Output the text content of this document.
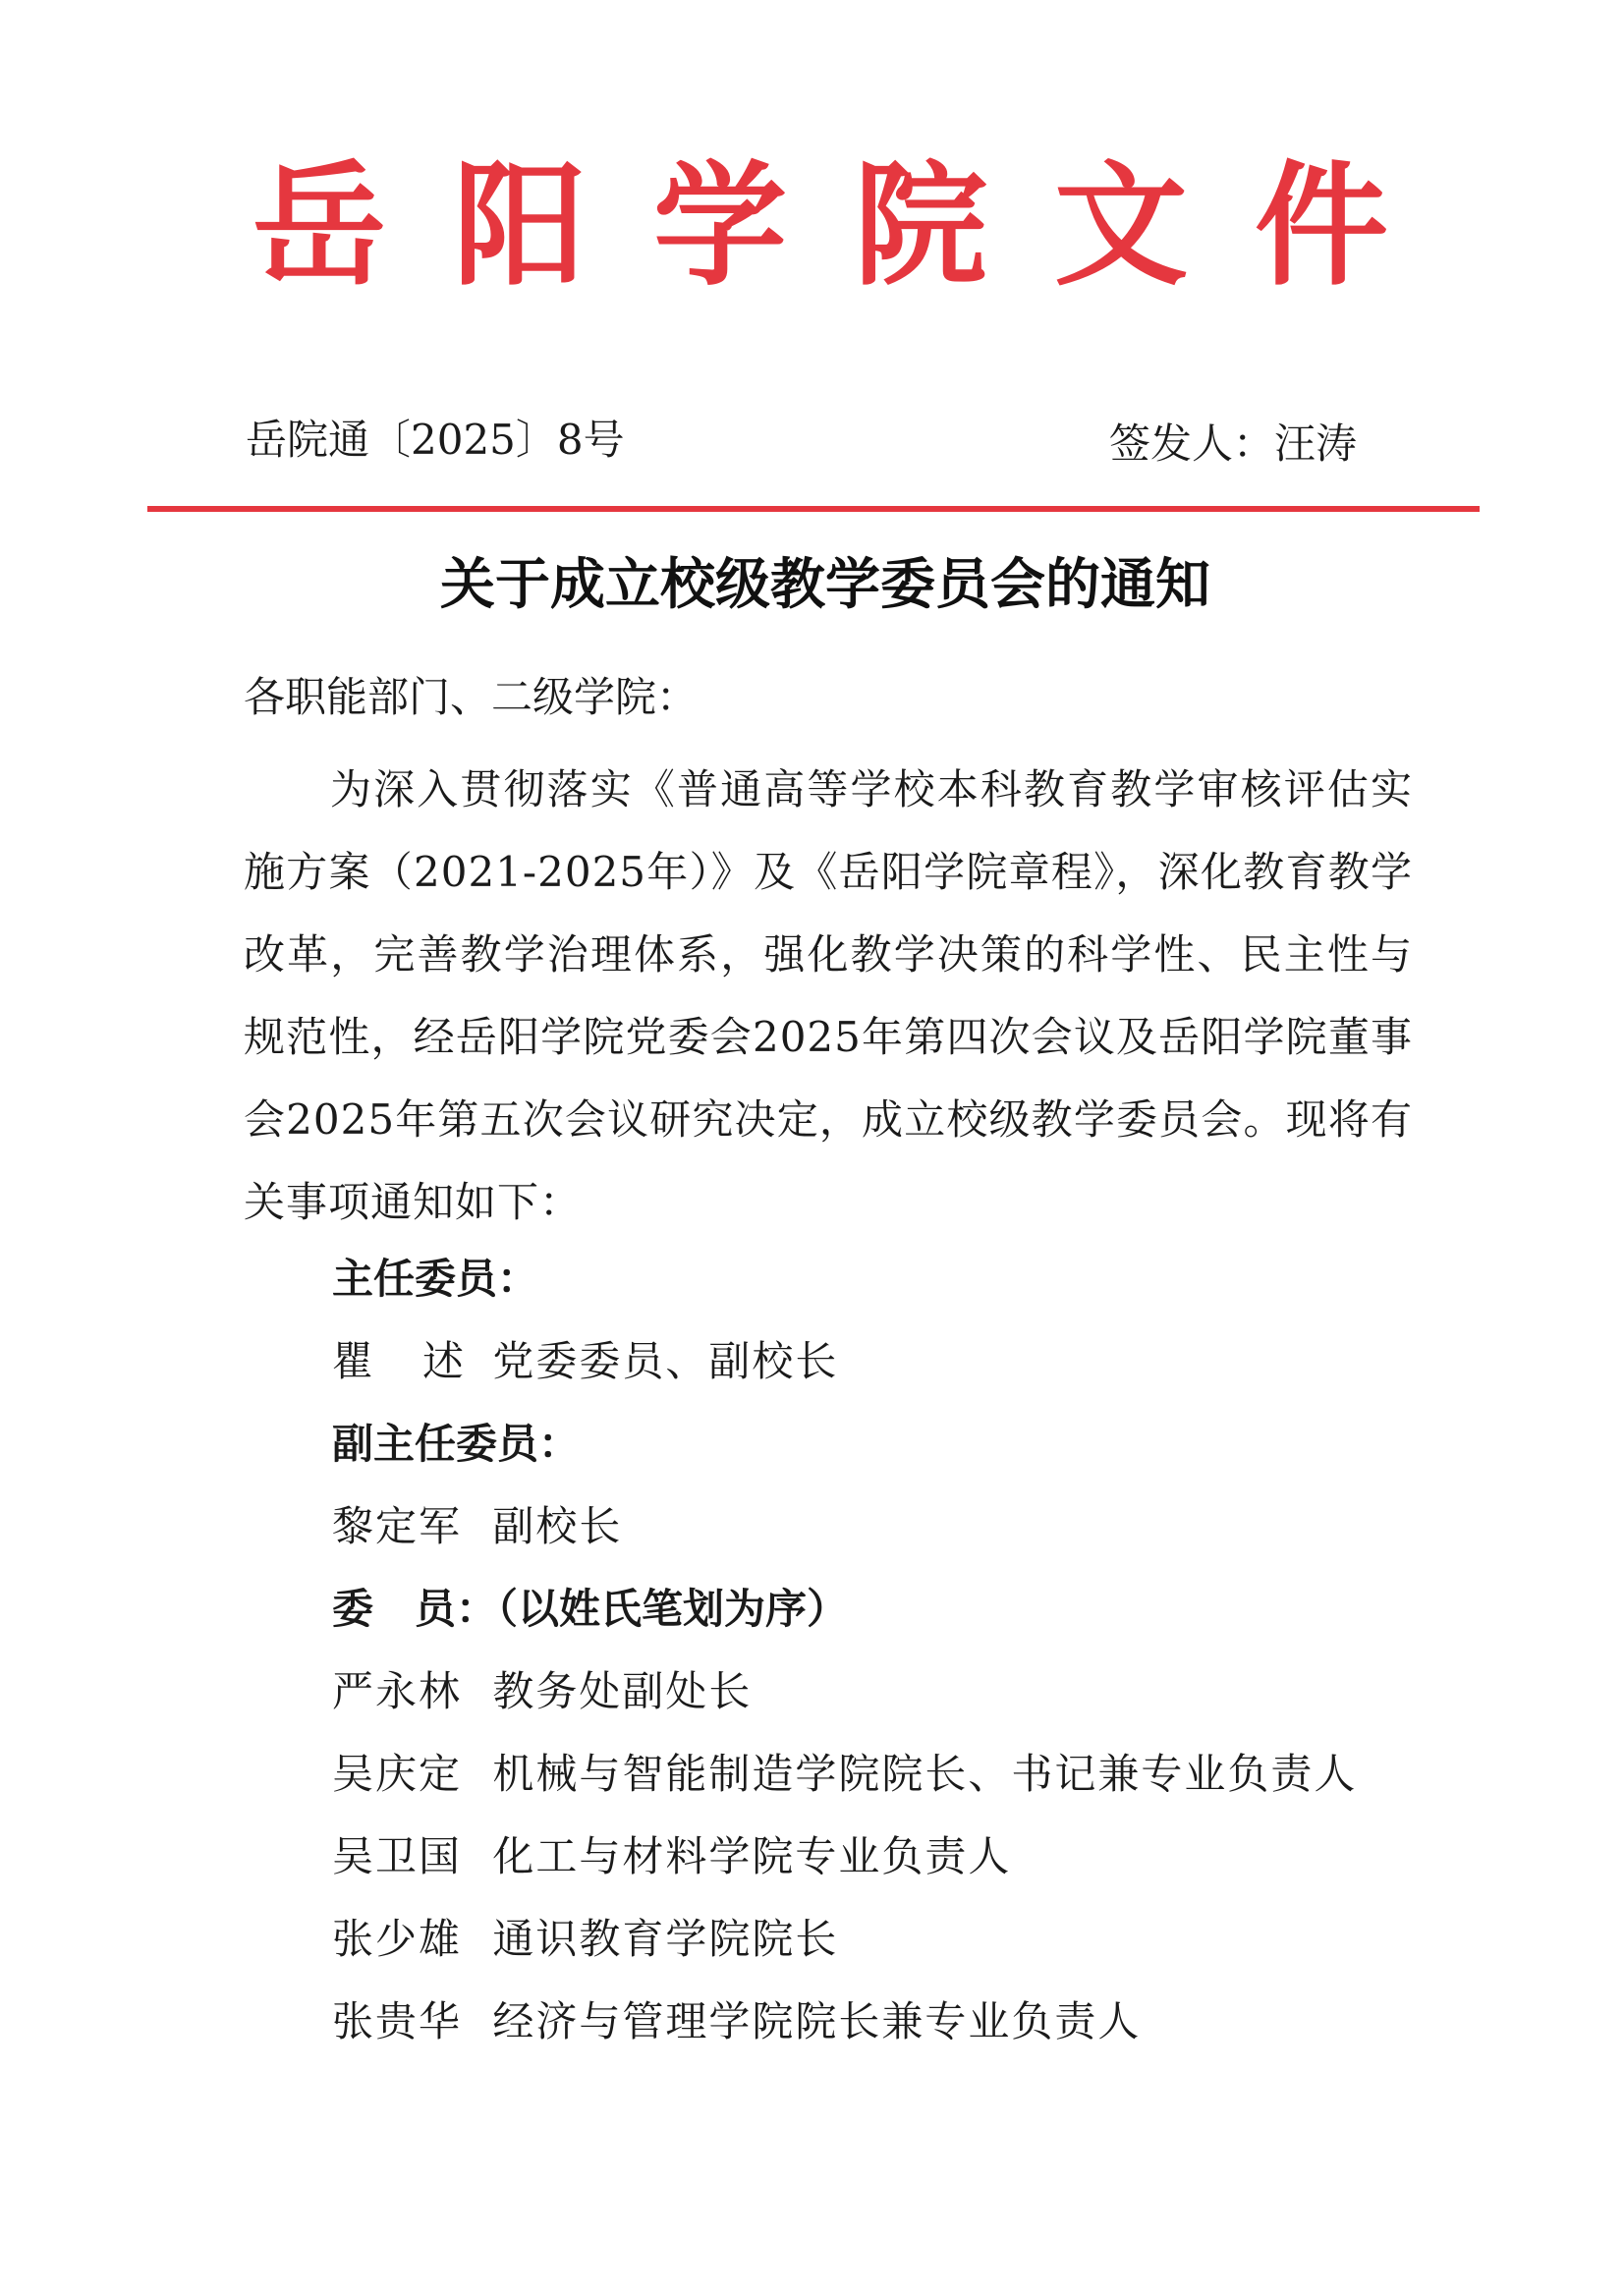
岳 阳 学 院 文 件
岳院通〔2025〕8号	签发人：汪涛
关于成立校级教学委员会的通知
各职能部门、二级学院：
为深入贯彻落实《普通高等学校本科教育教学审核评估实施方案（2021-2025年）》及《岳阳学院章程》，深化教育教学改革，完善教学治理体系，强化教学决策的科学性、民主性与规范性，经岳阳学院党委会2025年第四次会议及岳阳学院董事会2025年第五次会议研究决定，成立校级教学委员会。现将有关事项通知如下：
主任委员：
瞿述 党委委员、副校长
副主任委员：
黎定军 副校长
委　员：（以姓氏笔划为序）
严永林 教务处副处长
吴庆定 机械与智能制造学院院长、书记兼专业负责人
吴卫国 化工与材料学院专业负责人
张少雄 通识教育学院院长
张贵华 经济与管理学院院长兼专业负责人
